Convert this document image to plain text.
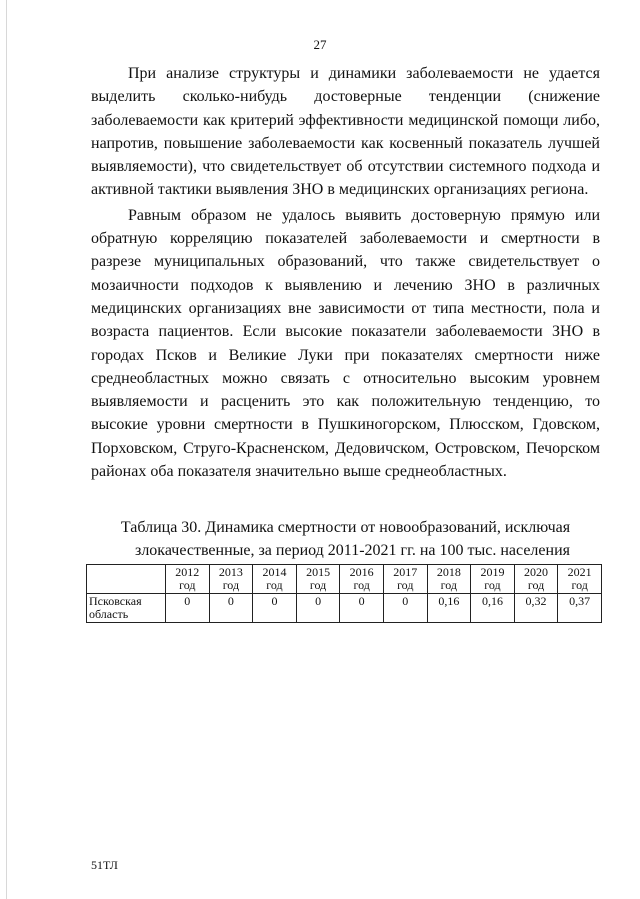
27

При анализе структуры и динамики заболеваемости не удается выделить сколько-нибудь достоверные тенденции (снижение заболеваемости как критерий эффективности медицинской помощи либо, напротив, повышение заболеваемости как косвенный показатель лучшей выявляемости), что свидетельствует об отсутствии системного подхода и активной тактики выявления ЗНО в медицинских организациях региона.

Равным образом не удалось выявить достоверную прямую или обратную корреляцию показателей заболеваемости и смертности в разрезе муниципальных образований, что также свидетельствует о мозаичности подходов к выявлению и лечению ЗНО в различных медицинских организациях вне зависимости от типа местности, пола и возраста пациентов. Если высокие показатели заболеваемости ЗНО в городах Псков и Великие Луки при показателях смертности ниже среднеобластных можно связать с относительно высоким уровнем выявляемости и расценить это как положительную тенденцию, то высокие уровни смертности в Пушкиногорском, Плюсском, Гдовском, Порховском, Струго-Красненском, Дедовичском, Островском, Печорском районах оба показателя значительно выше среднеобластных.

Таблица 30. Динамика смертности от новообразований, исключая
злокачественные, за период 2011-2021 гг. на 100 тыс. населения
	2012 год	2013 год	2014 год	2015 год	2016 год	2017 год	2018 год	2019 год	2020 год	2021 год
Псковская область	0	0	0	0	0	0	0,16	0,16	0,32	0,37
51ТЛ
